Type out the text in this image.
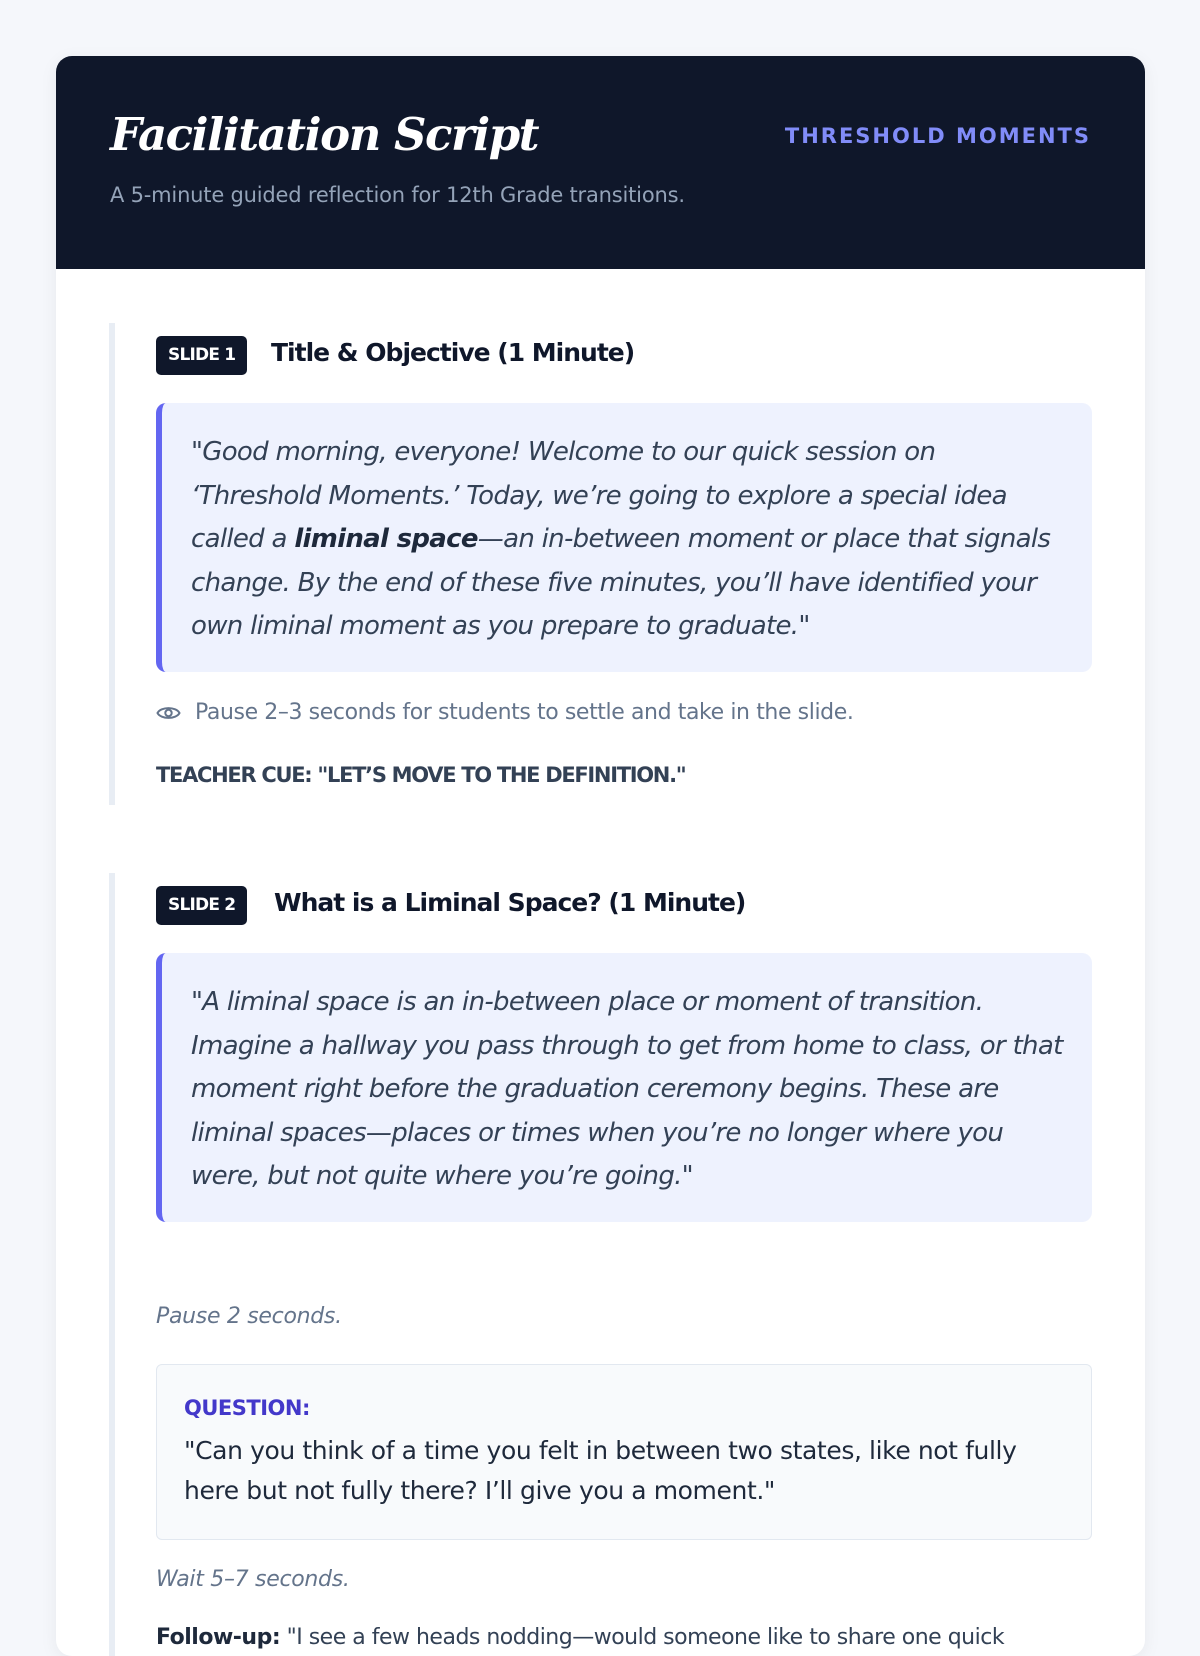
Facilitation Script

A 5-minute guided reflection for 12th Grade transitions.

THRESHOLD MOMENTS
SLIDE 1	Title & Objective (1 Minute)
"Good morning, everyone! Welcome to our quick session on ‘Threshold Moments.’ Today, we’re going to explore a special idea called a liminal space—an in-between moment or place that signals change. By the end of these five minutes, you’ll have identified your own liminal moment as you prepare to graduate."
Pause 2–3 seconds for students to settle and take in the slide.
TEACHER CUE: "LET’S MOVE TO THE DEFINITION."
SLIDE 2	What is a Liminal Space? (1 Minute)
"A liminal space is an in-between place or moment of transition. Imagine a hallway you pass through to get from home to class, or that moment right before the graduation ceremony begins. These are liminal spaces—places or times when you’re no longer where you were, but not quite where you’re going."
Pause 2 seconds.
QUESTION:

"Can you think of a time you felt in between two states, like not fully here but not fully there? I’ll give you a moment."

Wait 5–7 seconds.
Follow-up: "I see a few heads nodding—would someone like to share one quick
